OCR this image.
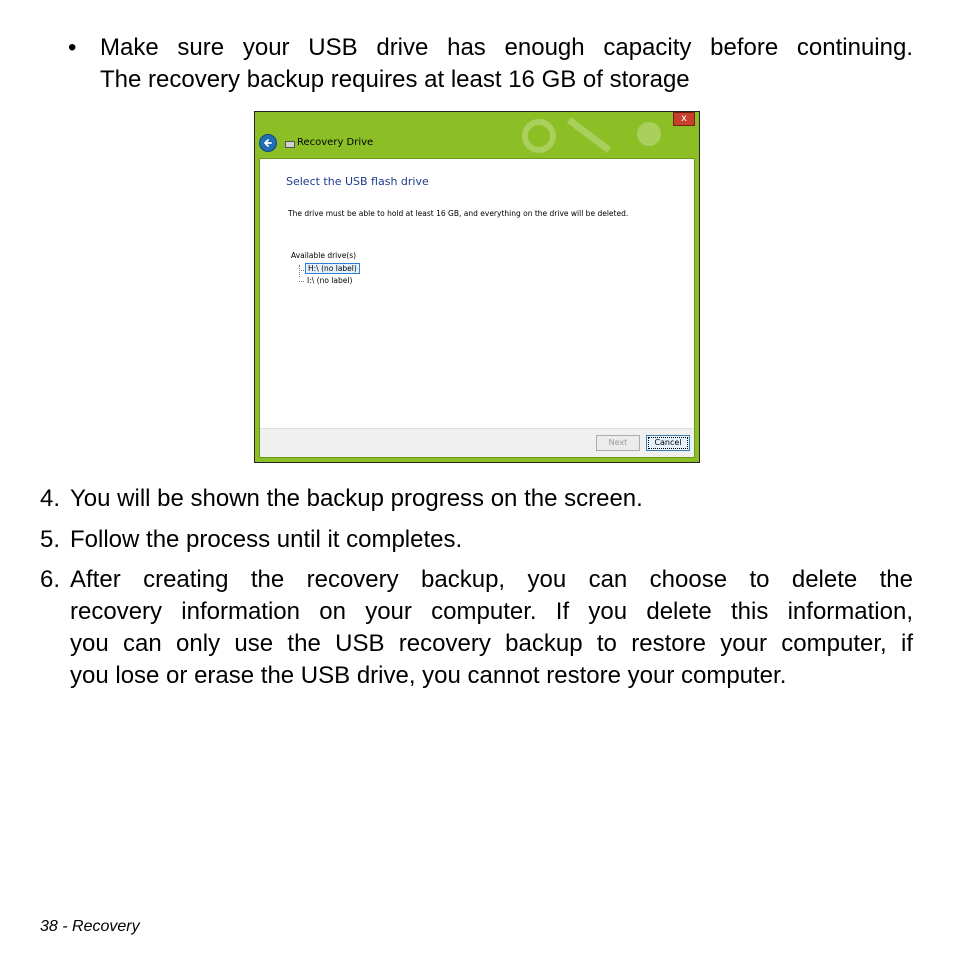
• Make sure your USB drive has enough capacity before continuing.
The recovery backup requires at least 16 GB of storage
x
Recovery Drive
Select the USB flash drive
The drive must be able to hold at least 16 GB, and everything on the drive will be deleted.
Available drive(s)
H:\ (no label)
I:\ (no label)
Next	Cancel
4. You will be shown the backup progress on the screen.
5. Follow the process until it completes.
6. After creating the recovery backup, you can choose to delete the
recovery information on your computer. If you delete this information,
you can only use the USB recovery backup to restore your computer, if
you lose or erase the USB drive, you cannot restore your computer.
38 - Recovery
